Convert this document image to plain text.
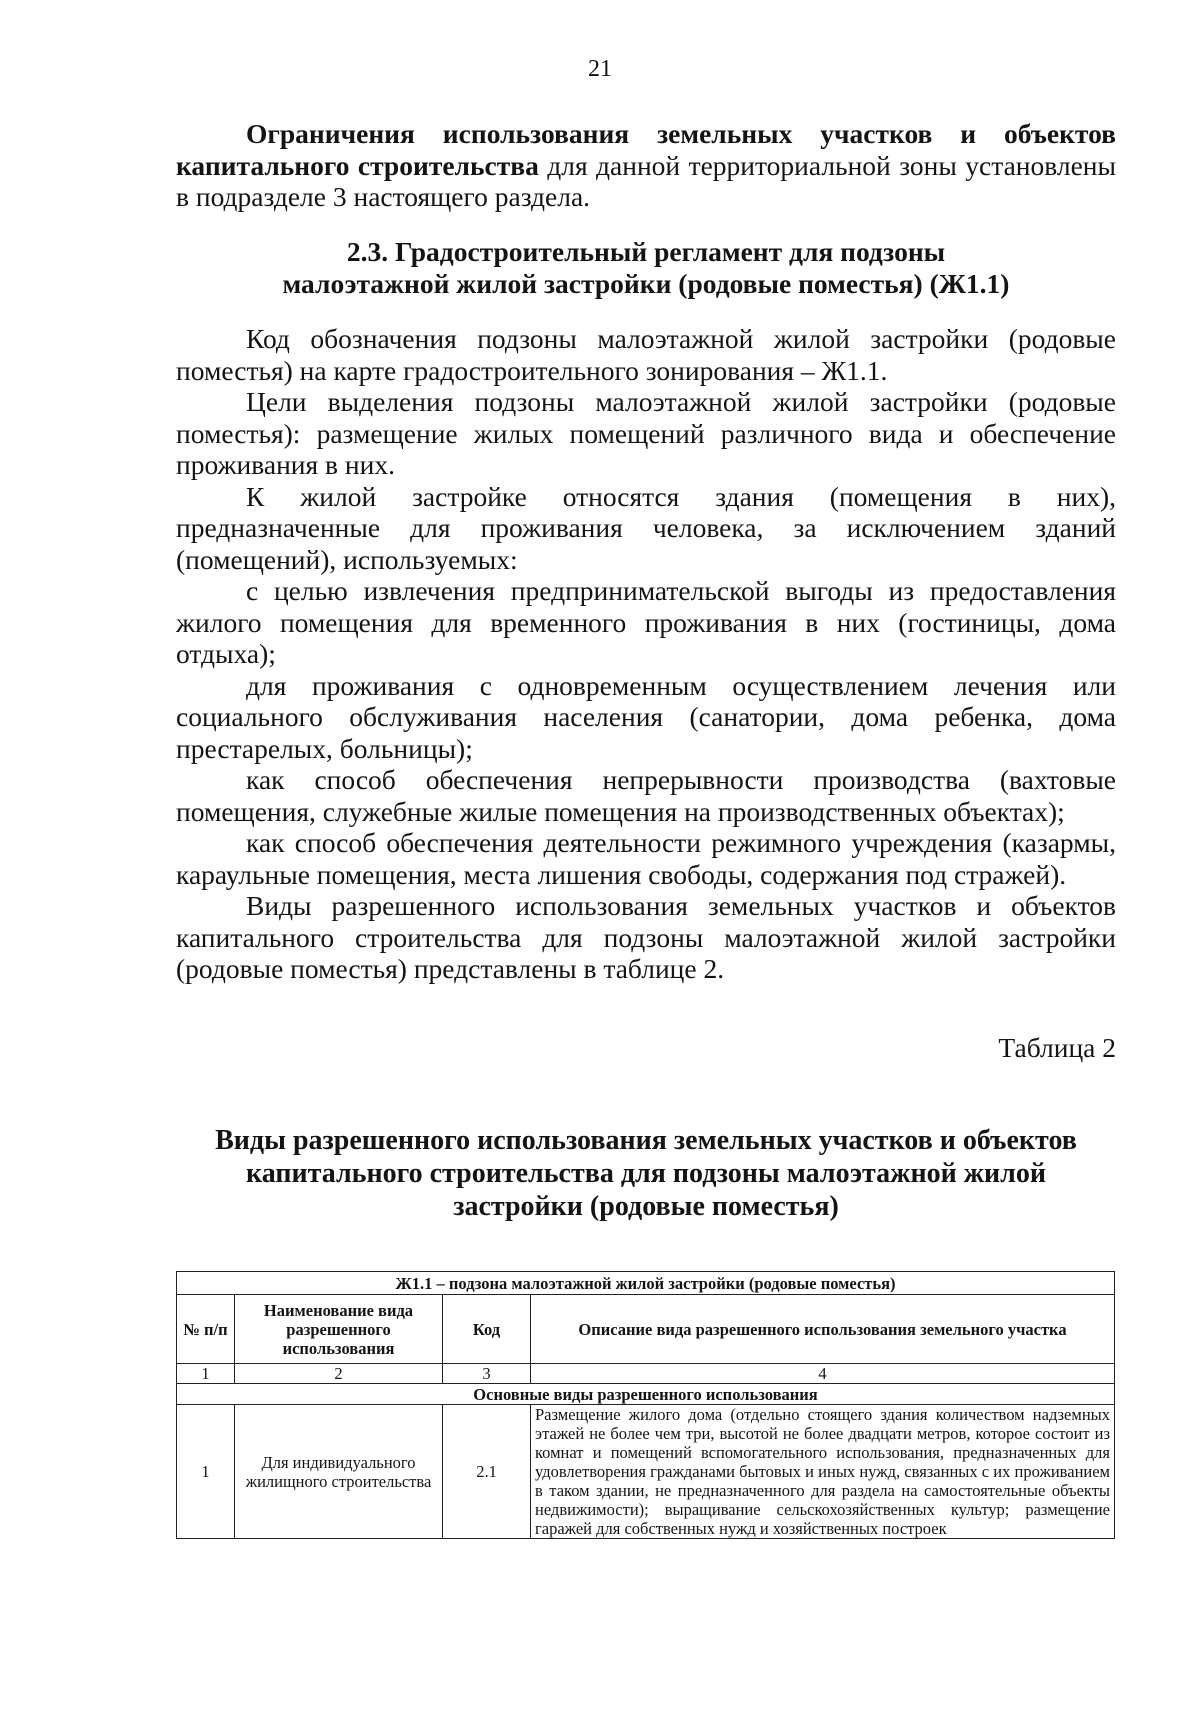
21

Ограничения использования земельных участков и объектов капитального строительства для данной территориальной зоны установлены в подразделе 3 настоящего раздела.

2.3. Градостроительный регламент для подзоны

малоэтажной жилой застройки (родовые поместья) (Ж1.1)

Код обозначения подзоны малоэтажной жилой застройки (родовые поместья) на карте градостроительного зонирования – Ж1.1.

Цели выделения подзоны малоэтажной жилой застройки (родовые поместья): размещение жилых помещений различного вида и обеспечение проживания в них.

К жилой застройке относятся здания (помещения в них), предназначенные для проживания человека, за исключением зданий (помещений), используемых:

с целью извлечения предпринимательской выгоды из предоставления жилого помещения для временного проживания в них (гостиницы, дома отдыха);

для проживания с одновременным осуществлением лечения или социального обслуживания населения (санатории, дома ребенка, дома престарелых, больницы);

как способ обеспечения непрерывности производства (вахтовые помещения, служебные жилые помещения на производственных объектах);

как способ обеспечения деятельности режимного учреждения (казармы, караульные помещения, места лишения свободы, содержания под стражей).

Виды разрешенного использования земельных участков и объектов капитального строительства для подзоны малоэтажной жилой застройки (родовые поместья) представлены в таблице 2.

Таблица 2

Виды разрешенного использования земельных участков и объектов

капитального строительства для подзоны малоэтажной жилой

застройки (родовые поместья)

Ж1.1 – подзона малоэтажной жилой застройки (родовые поместья)			
№ п/п	Наименование вида разрешенного использования	Код	Описание вида разрешенного использования земельного участка
1	2	3	4
Основные виды разрешенного использования			
1	Для индивидуального жилищного строительства	2.1	Размещение жилого дома (отдельно стоящего здания количеством надземных этажей не более чем три, высотой не более двадцати метров, которое состоит из комнат и помещений вспомогательного использования, предназначенных для удовлетворения гражданами бытовых и иных нужд, связанных с их проживанием в таком здании, не предназначенного для раздела на самостоятельные объекты недвижимости); выращивание сельскохозяйственных культур; размещение гаражей для собственных нужд и хозяйственных построек
